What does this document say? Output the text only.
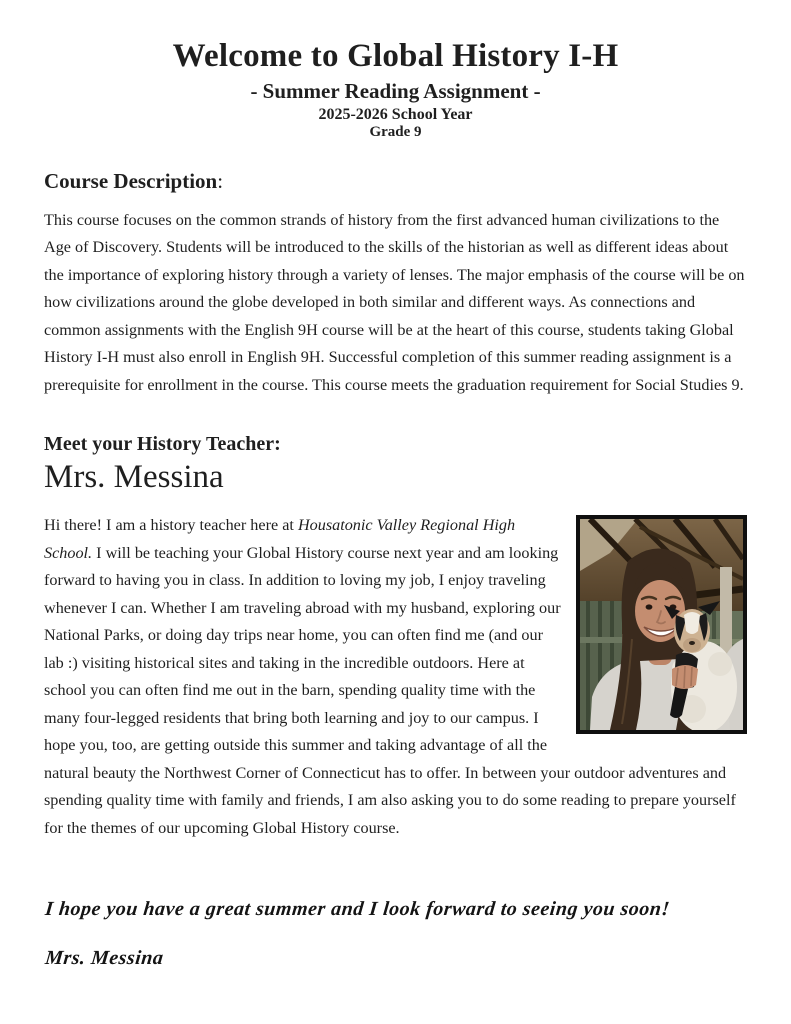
Welcome to Global History I-H
- Summer Reading Assignment -
2025-2026 School Year
Grade 9
Course Description:

This course focuses on the common strands of history from the first advanced human civilizations to the Age of Discovery. Students will be introduced to the skills of the historian as well as different ideas about the importance of exploring history through a variety of lenses. The major emphasis of the course will be on how civilizations around the globe developed in both similar and different ways. As connections and common assignments with the English 9H course will be at the heart of this course, students taking Global History I-H must also enroll in English 9H. Successful completion of this summer reading assignment is a prerequisite for enrollment in the course. This course meets the graduation requirement for Social Studies 9.

Meet your History Teacher:
Mrs. Messina

Hi there! I am a history teacher here at Housatonic Valley Regional High School. I will be teaching your Global History course next year and am looking forward to having you in class. In addition to loving my job, I enjoy traveling whenever I can. Whether I am traveling abroad with my husband, exploring our National Parks, or doing day trips near home, you can often find me (and our lab :) visiting historical sites and taking in the incredible outdoors. Here at school you can often find me out in the barn, spending quality time with the many four-legged residents that bring both learning and joy to our campus. I hope you, too, are getting outside this summer and taking advantage of all the natural beauty the Northwest Corner of Connecticut has to offer. In between your outdoor adventures and spending quality time with family and friends, I am also asking you to do some reading to prepare yourself for the themes of our upcoming Global History course.

I hope you have a great summer and I look forward to seeing you soon!

Mrs. Messina
